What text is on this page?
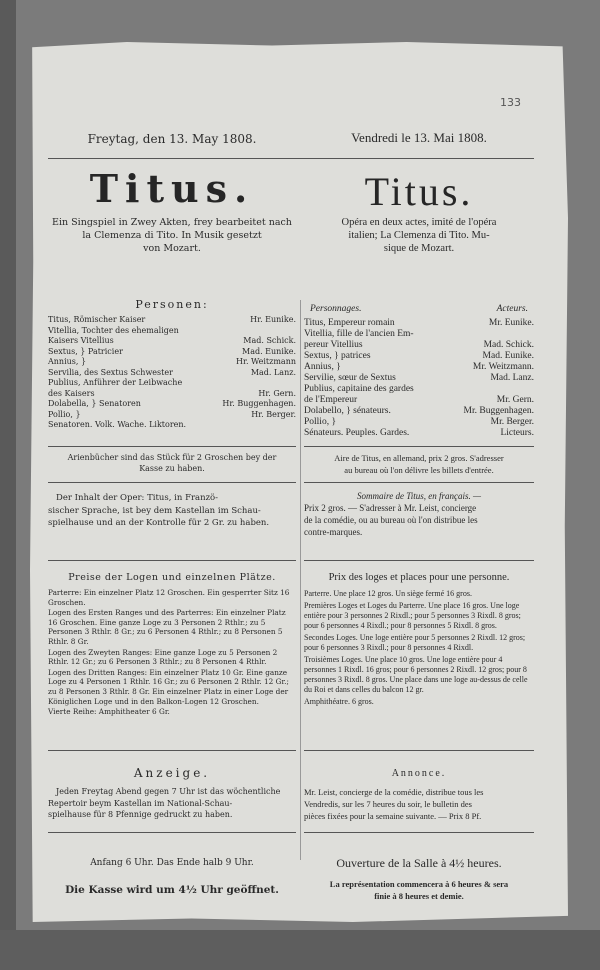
133
Freytag, den 13. May 1808.
Titus.
Ein Singspiel in Zwey Akten, frey bearbeitet nach
la Clemenza di Tito. In Musik gesetzt
von Mozart.
Personen:
Titus, Römischer Kaiser	Hr. Eunike.
Vitellia, Tochter des ehemaligen
Kaisers Vitellius	Mad. Schick.
Sextus, } Patricier	Mad. Eunike.
Annius, }	Hr. Weitzmann
Servilia, des Sextus Schwester	Mad. Lanz.
Publius, Anführer der Leibwache
des Kaisers	Hr. Gern.
Dolabella, } Senatoren	Hr. Buggenhagen.
Pollio, }	Hr. Berger.
Senatoren. Volk. Wache. Liktoren.
Arienbücher sind das Stück für 2 Groschen bey der
Kasse zu haben.
Der Inhalt der Oper: Titus, in Franzö-
sischer Sprache, ist bey dem Kastellan im Schau-
spielhause und an der Kontrolle für 2 Gr. zu haben.
Preise der Logen und einzelnen Plätze.
Parterre: Ein einzelner Platz 12 Groschen. Ein gesperrter Sitz 16 Groschen.
Logen des Ersten Ranges und des Parterres: Ein einzelner Platz 16 Groschen. Eine ganze Loge zu 3 Personen 2 Rthlr.; zu 5 Personen 3 Rthlr. 8 Gr.; zu 6 Personen 4 Rthlr.; zu 8 Personen 5 Rthlr. 8 Gr.
Logen des Zweyten Ranges: Eine ganze Loge zu 5 Personen 2 Rthlr. 12 Gr.; zu 6 Personen 3 Rthlr.; zu 8 Personen 4 Rthlr.
Logen des Dritten Ranges: Ein einzelner Platz 10 Gr. Eine ganze Loge zu 4 Personen 1 Rthlr. 16 Gr.; zu 6 Personen 2 Rthlr. 12 Gr.; zu 8 Personen 3 Rthlr. 8 Gr. Ein einzelner Platz in einer Loge der Königlichen Loge und in den Balkon-Logen 12 Groschen.
Vierte Reihe: Amphitheater 6 Gr.
Anzeige.
Jeden Freytag Abend gegen 7 Uhr ist das wöchentliche
Repertoir beym Kastellan im National-Schau-
spielhause für 8 Pfennige gedruckt zu haben.
Anfang 6 Uhr. Das Ende halb 9 Uhr.
Die Kasse wird um 4½ Uhr geöffnet.
Vendredi le 13. Mai 1808.
Titus.
Opéra en deux actes, imité de l'opéra
italien; La Clemenza di Tito. Mu-
sique de Mozart.
Personnages.	Acteurs.
Titus, Empereur romain	Mr. Eunike.
Vitellia, fille de l'ancien Em-
pereur Vitellius	Mad. Schick.
Sextus, } patrices	Mad. Eunike.
Annius, }	Mr. Weitzmann.
Servilie, sœur de Sextus	Mad. Lanz.
Publius, capitaine des gardes
de l'Empereur	Mr. Gern.
Dolabello, } sénateurs.	Mr. Buggenhagen.
Pollio, }	Mr. Berger.
Sénateurs. Peuples. Gardes.	Licteurs.
Aire de Titus, en allemand, prix 2 gros. S'adresser
au bureau où l'on délivre les billets d'entrée.
Sommaire de Titus, en français. —
Prix 2 gros. — S'adresser à Mr. Leist, concierge
de la comédie, ou au bureau où l'on distribue les
contre-marques.
Prix des loges et places pour une personne.
Parterre. Une place 12 gros. Un siège fermé 16 gros.
Premières Loges et Loges du Parterre. Une place 16 gros. Une loge entière pour 3 personnes 2 Rixdl.; pour 5 personnes 3 Rixdl. 8 gros; pour 6 personnes 4 Rixdl.; pour 8 personnes 5 Rixdl. 8 gros.
Secondes Loges. Une loge entière pour 5 personnes 2 Rixdl. 12 gros; pour 6 personnes 3 Rixdl.; pour 8 personnes 4 Rixdl.
Troisièmes Loges. Une place 10 gros. Une loge entière pour 4 personnes 1 Rixdl. 16 gros; pour 6 personnes 2 Rixdl. 12 gros; pour 8 personnes 3 Rixdl. 8 gros. Une place dans une loge au-dessus de celle du Roi et dans celles du balcon 12 gr.
Amphithéatre. 6 gros.
Annonce.
Mr. Leist, concierge de la comédie, distribue tous les
Vendredis, sur les 7 heures du soir, le bulletin des
pièces fixées pour la semaine suivante. — Prix 8 Pf.
Ouverture de la Salle à 4½ heures.
La représentation commencera à 6 heures & sera
finie à 8 heures et demie.
